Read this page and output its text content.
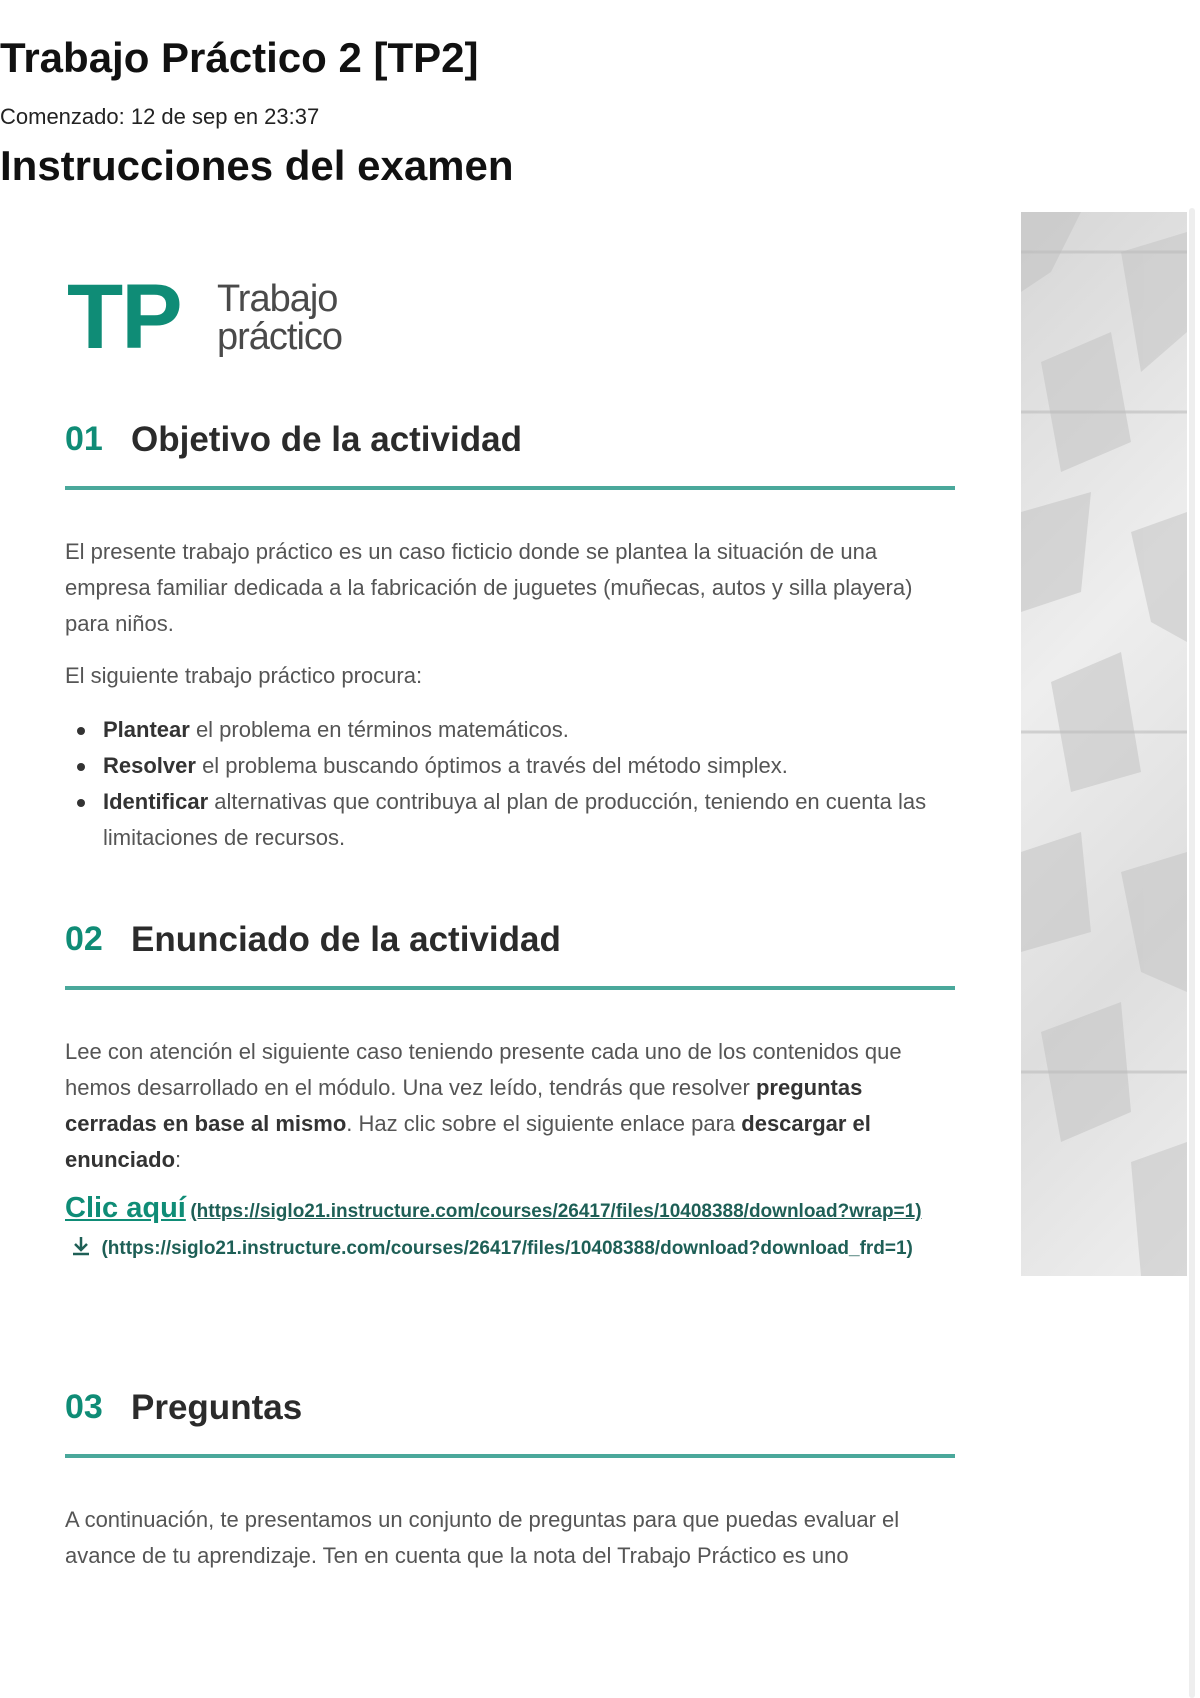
Trabajo Práctico 2 [TP2]
Comenzado: 12 de sep en 23:37
Instrucciones del examen
TP Trabajo
práctico
01 Objetivo de la actividad

El presente trabajo práctico es un caso ficticio donde se plantea la situación de una empresa familiar dedicada a la fabricación de juguetes (muñecas, autos y silla playera) para niños.

El siguiente trabajo práctico procura:

Plantear el problema en términos matemáticos.
Resolver el problema buscando óptimos a través del método simplex.
Identificar alternativas que contribuya al plan de producción, teniendo en cuenta las limitaciones de recursos.
02 Enunciado de la actividad

Lee con atención el siguiente caso teniendo presente cada uno de los contenidos que hemos desarrollado en el módulo. Una vez leído, tendrás que resolver preguntas cerradas en base al mismo. Haz clic sobre el siguiente enlace para descargar el enunciado:

Clic aquí (https://siglo21.instructure.com/courses/26417/files/10408388/download?wrap=1)  (https://siglo21.instructure.com/courses/26417/files/10408388/download?download_frd=1)
03 Preguntas

A continuación, te presentamos un conjunto de preguntas para que puedas evaluar el avance de tu aprendizaje. Ten en cuenta que la nota del Trabajo Práctico es uno
